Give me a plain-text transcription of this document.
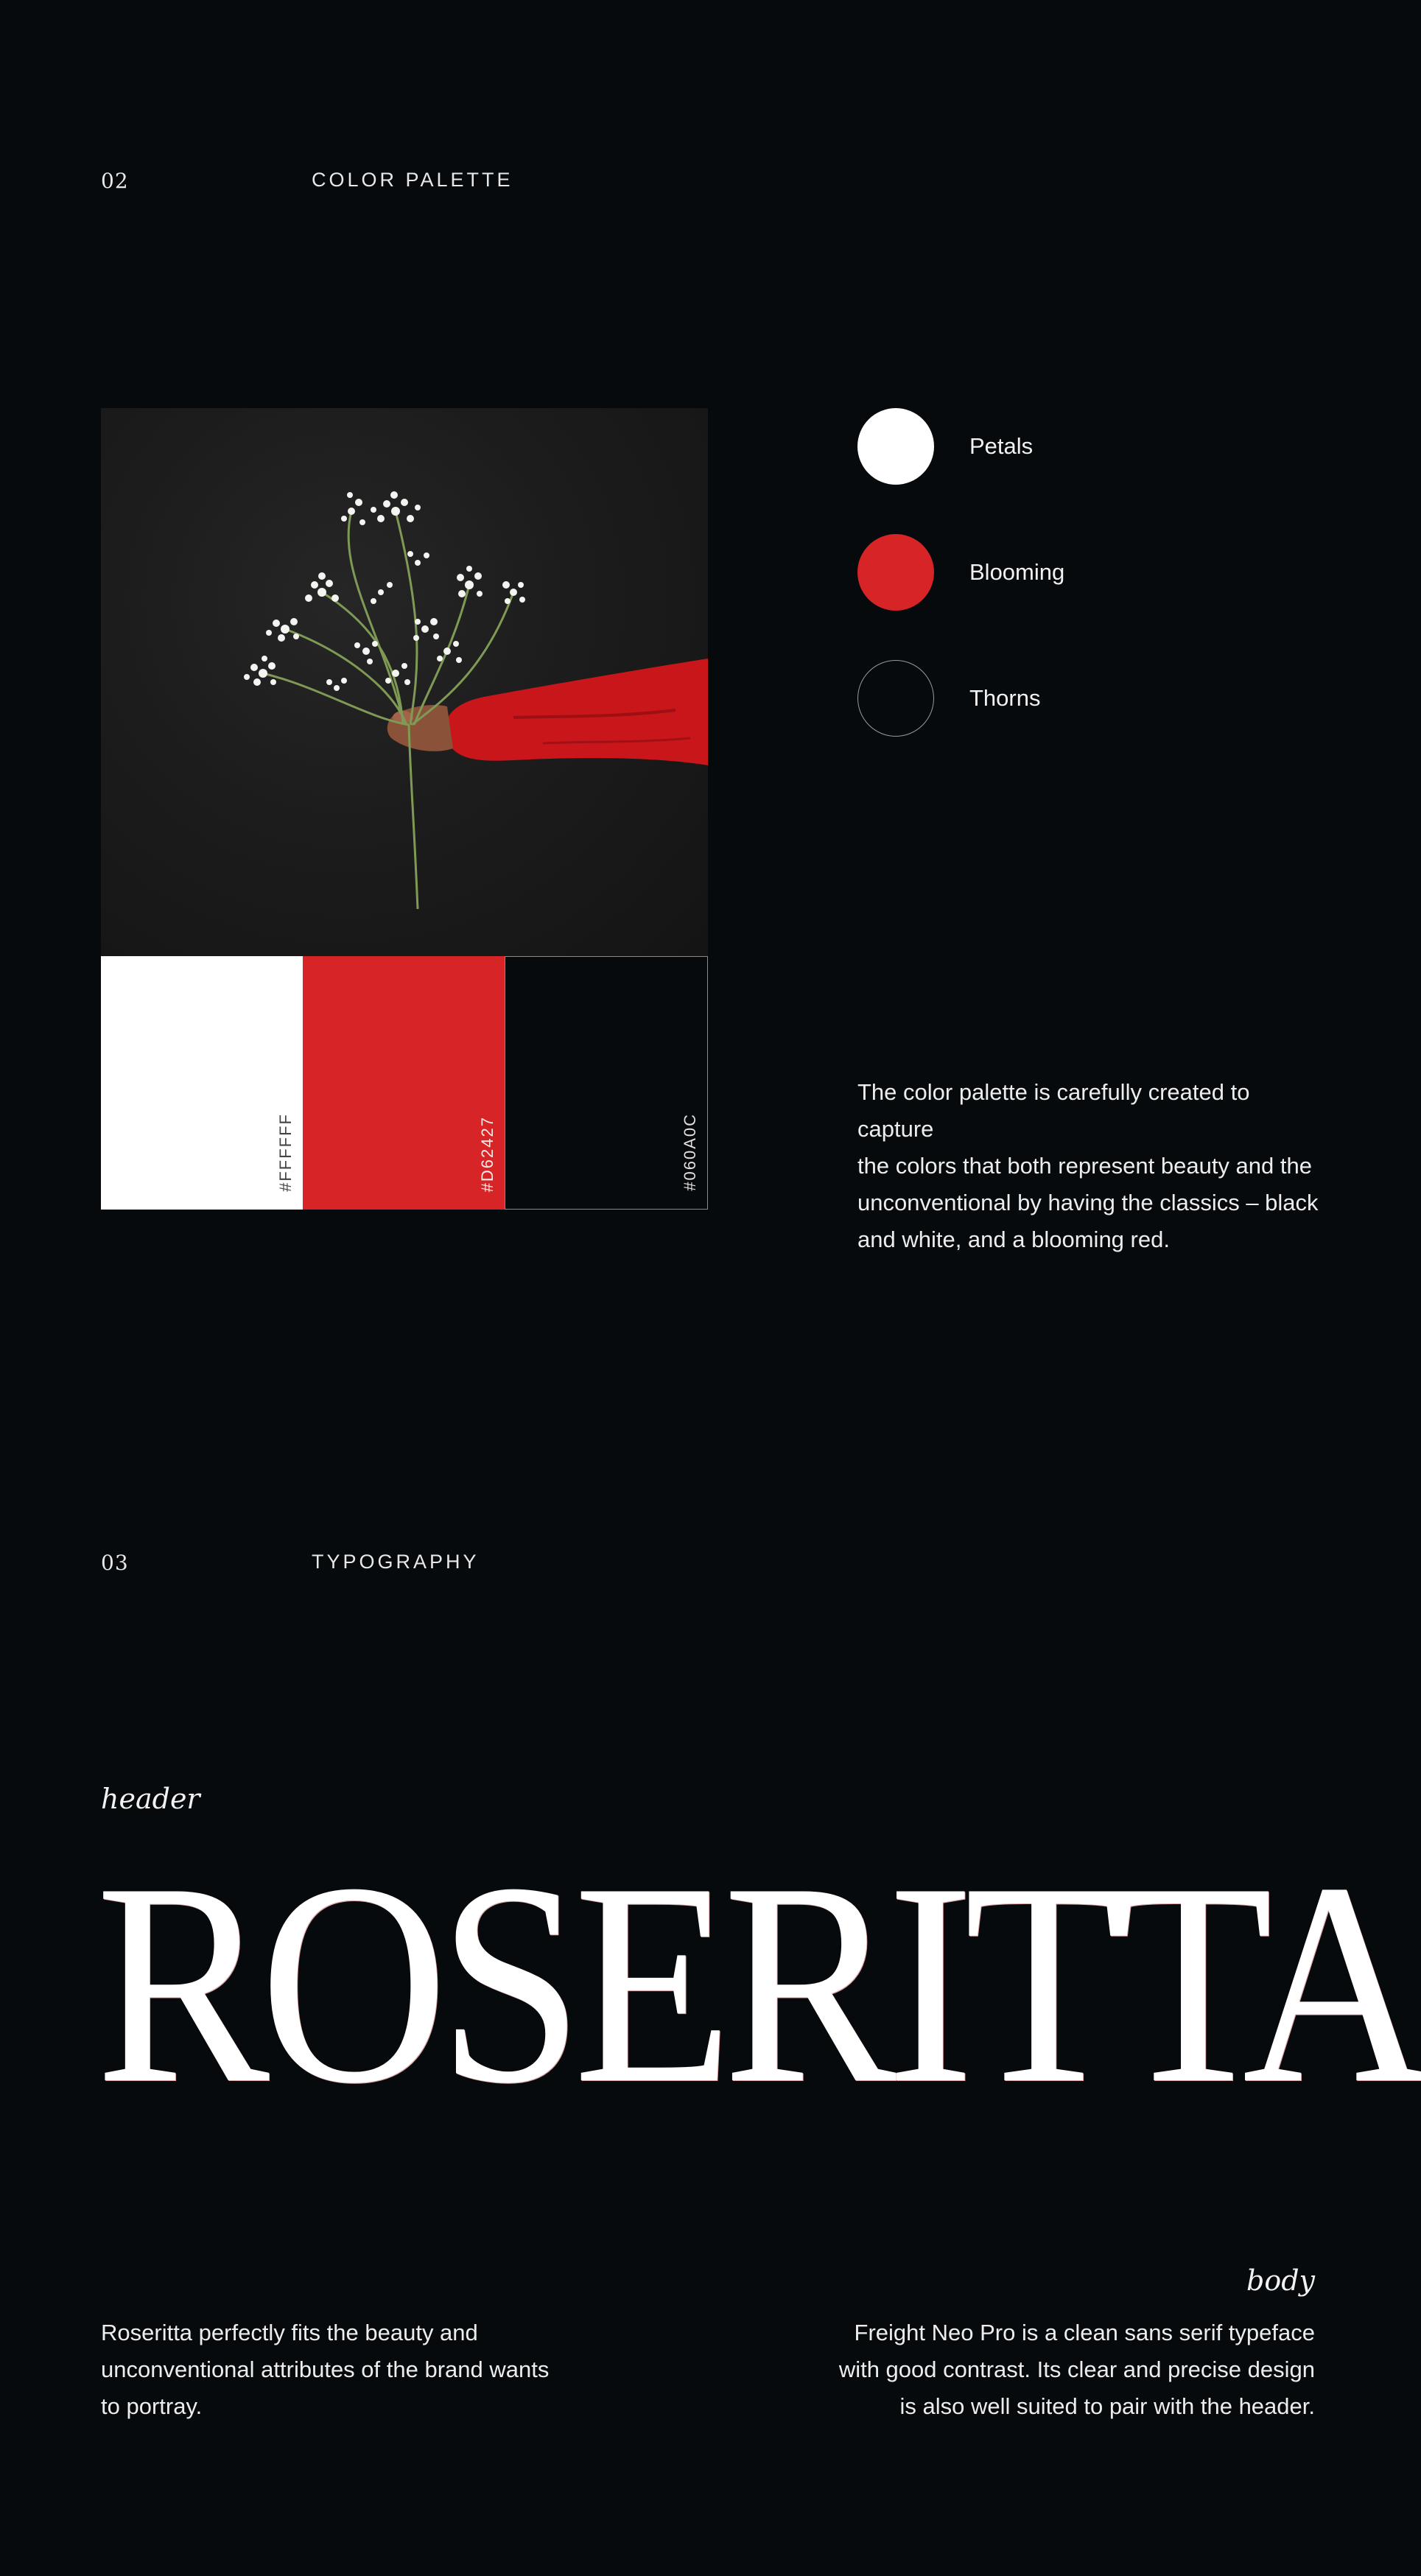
02	COLOR PALETTE
#FFFFFF	#D62427	#060A0C
Petals
Blooming
Thorns
The color palette is carefully created to capture
the colors that both represent beauty and the
unconventional by having the classics – black
and white, and a blooming red.
03	TYPOGRAPHY
header
ROSERITTA
body
Roseritta perfectly fits the beauty and
unconventional attributes of the brand wants
to portray.
Freight Neo Pro is a clean sans serif typeface
with good contrast. Its clear and precise design
is also well suited to pair with the header.
